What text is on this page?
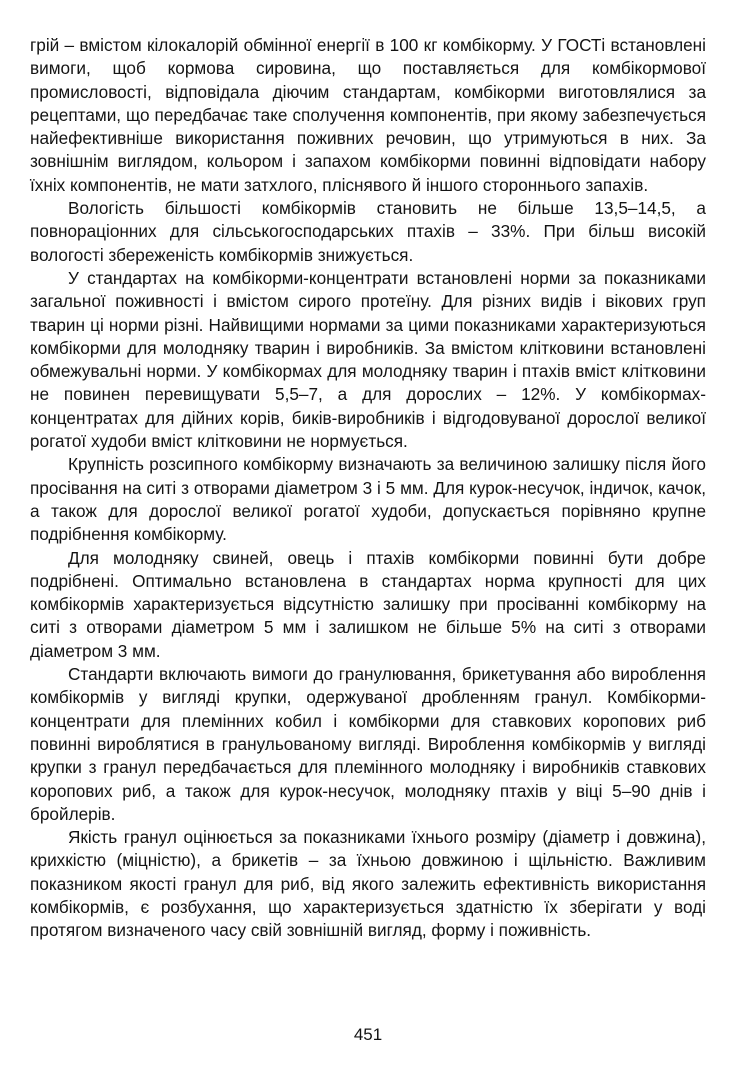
грій – вмістом кілокалорій обмінної енергії в 100 кг комбікорму. У ГОСТі встановлені вимоги, щоб кормова сировина, що поставляється для комбікормової промисловості, відповідала діючим стандартам, комбікорми виготовлялися за рецептами, що передбачає таке сполучення компонентів, при якому забезпечується найефективніше використання поживних речовин, що утримуються в них. За зовнішнім виглядом, кольором і запахом комбікорми повинні відповідати набору їхніх компонентів, не мати затхлого, пліснявого й іншого стороннього запахів.

Вологість більшості комбікормів становить не більше 13,5–14,5, а повнораціонних для сільськогосподарських птахів – 33%. При більш високій вологості збереженість комбікормів знижується.

У стандартах на комбікорми-концентрати встановлені норми за показниками загальної поживності і вмістом сирого протеїну. Для різних видів і вікових груп тварин ці норми різні. Найвищими нормами за цими показниками характеризуються комбікорми для молодняку тварин і виробників. За вмістом клітковини встановлені обмежувальні норми. У комбікормах для молодняку тварин і птахів вміст клітковини не повинен перевищувати 5,5–7, а для дорослих – 12%. У комбікормах-концентратах для дійних корів, биків-виробників і відгодовуваної дорослої великої рогатої худоби вміст клітковини не нормується.

Крупність розсипного комбікорму визначають за величиною залишку після його просівання на ситі з отворами діаметром 3 і 5 мм. Для курок-несучок, індичок, качок, а також для дорослої великої рогатої худоби, допускається порівняно крупне подрібнення комбікорму.

Для молодняку свиней, овець і птахів комбікорми повинні бути добре подрібнені. Оптимально встановлена в стандартах норма крупності для цих комбікормів характеризується відсутністю залишку при просіванні комбікорму на ситі з отворами діаметром 5 мм і залишком не більше 5% на ситі з отворами діаметром 3 мм.

Стандарти включають вимоги до гранулювання, брикетування або вироблення комбікормів у вигляді крупки, одержуваної дробленням гранул. Комбікорми-концентрати для племінних кобил і комбікорми для ставкових коропових риб повинні вироблятися в гранульованому вигляді. Вироблення комбікормів у вигляді крупки з гранул передбачається для племінного молодняку і виробників ставкових коропових риб, а також для курок-несучок, молодняку птахів у віці 5–90 днів і бройлерів.

Якість гранул оцінюється за показниками їхнього розміру (діаметр і довжина), крихкістю (міцністю), а брикетів – за їхньою довжиною і щільністю. Важливим показником якості гранул для риб, від якого залежить ефективність використання комбікормів, є розбухання, що характеризується здатністю їх зберігати у воді протягом визначеного часу свій зовнішній вигляд, форму і поживність.

451
